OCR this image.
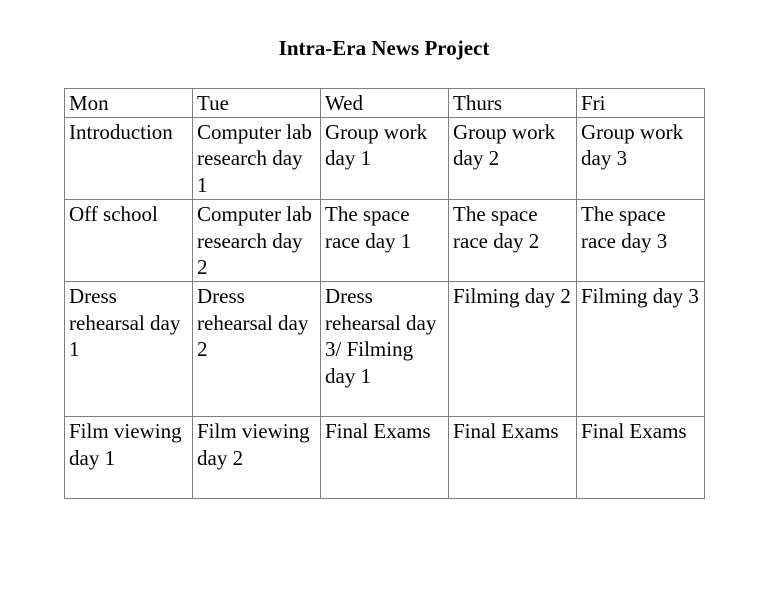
Intra-Era News Project
Mon	Tue	Wed	Thurs	Fri
Introduction	Computer lab research day 1	Group work day 1	Group work day 2	Group work day 3
Off school	Computer lab research day 2	The space race day 1	The space race day 2	The space race day 3
Dress rehearsal day 1	Dress rehearsal day 2	Dress rehearsal day 3/ Filming day 1	Filming day 2	Filming day 3
Film viewing day 1	Film viewing day 2	Final Exams	Final Exams	Final Exams
